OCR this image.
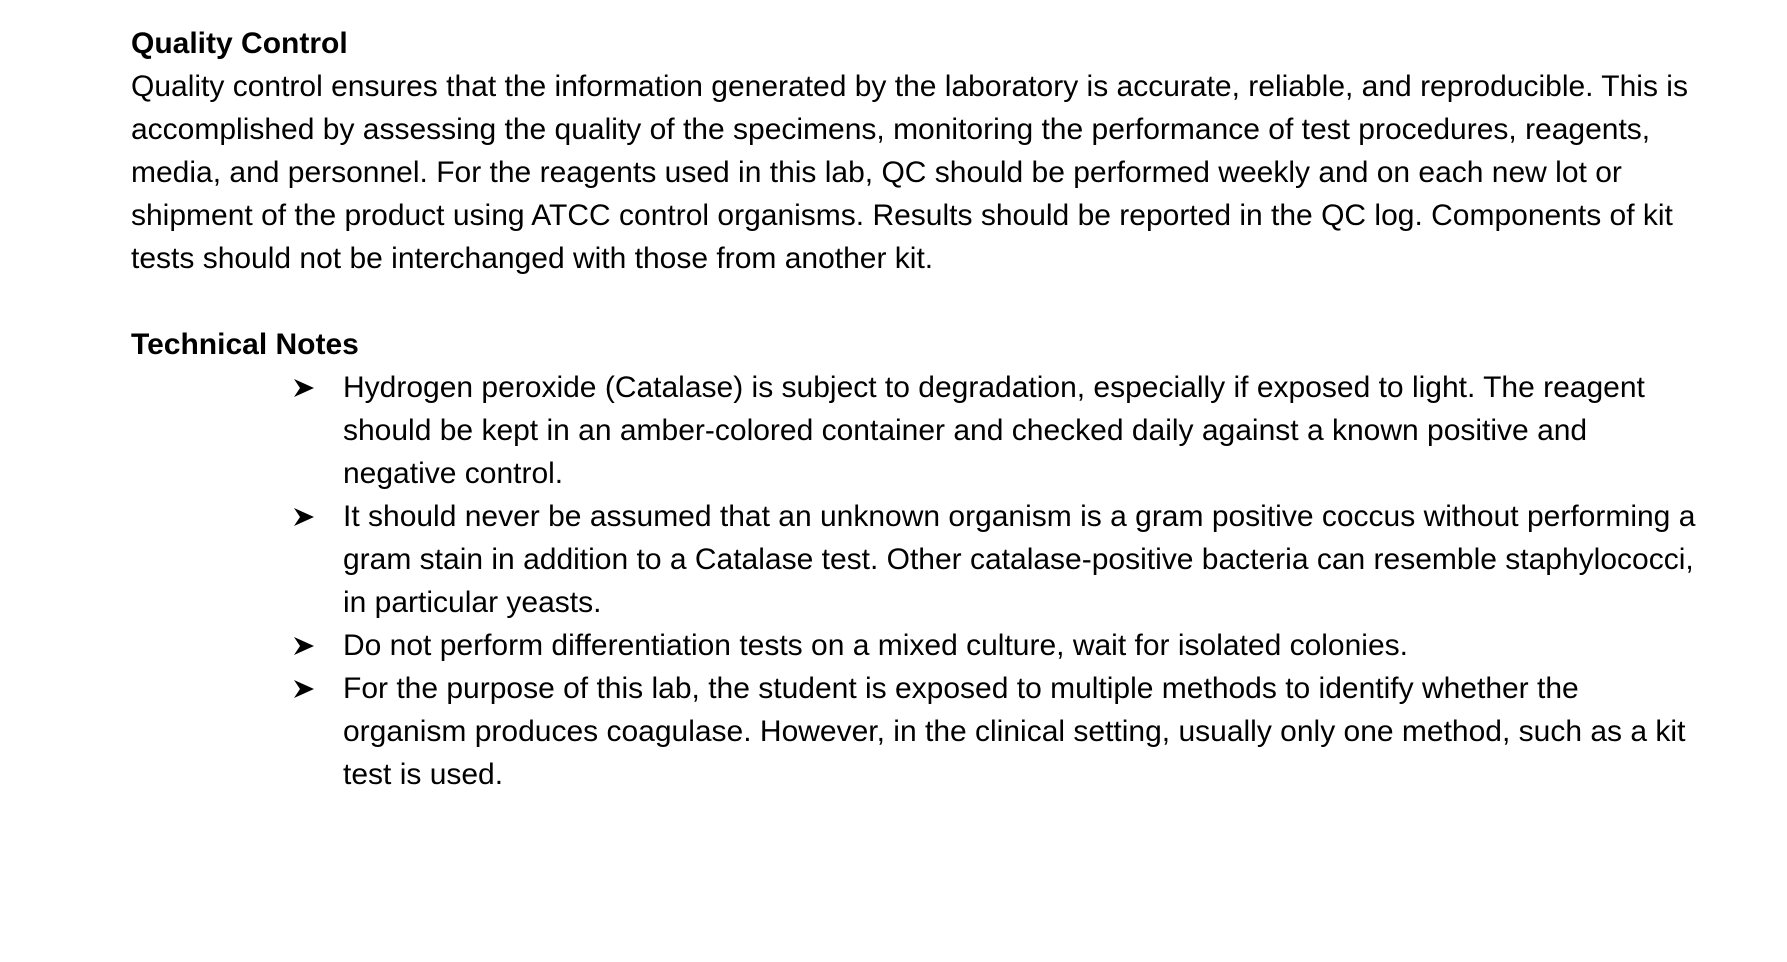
Quality Control

Quality control ensures that the information generated by the laboratory is accurate, reliable, and reproducible. This is accomplished by assessing the quality of the specimens, monitoring the performance of test procedures, reagents, media, and personnel. For the reagents used in this lab, QC should be performed weekly and on each new lot or shipment of the product using ATCC control organisms. Results should be reported in the QC log. Components of kit tests should not be interchanged with those from another kit.

Technical Notes
Hydrogen peroxide (Catalase) is subject to degradation, especially if exposed to light. The reagent should be kept in an amber-colored container and checked daily against a known positive and negative control.
It should never be assumed that an unknown organism is a gram positive coccus without performing a gram stain in addition to a Catalase test. Other catalase-positive bacteria can resemble staphylococci, in particular yeasts.
Do not perform differentiation tests on a mixed culture, wait for isolated colonies.
For the purpose of this lab, the student is exposed to multiple methods to identify whether the organism produces coagulase. However, in the clinical setting, usually only one method, such as a kit test is used.
